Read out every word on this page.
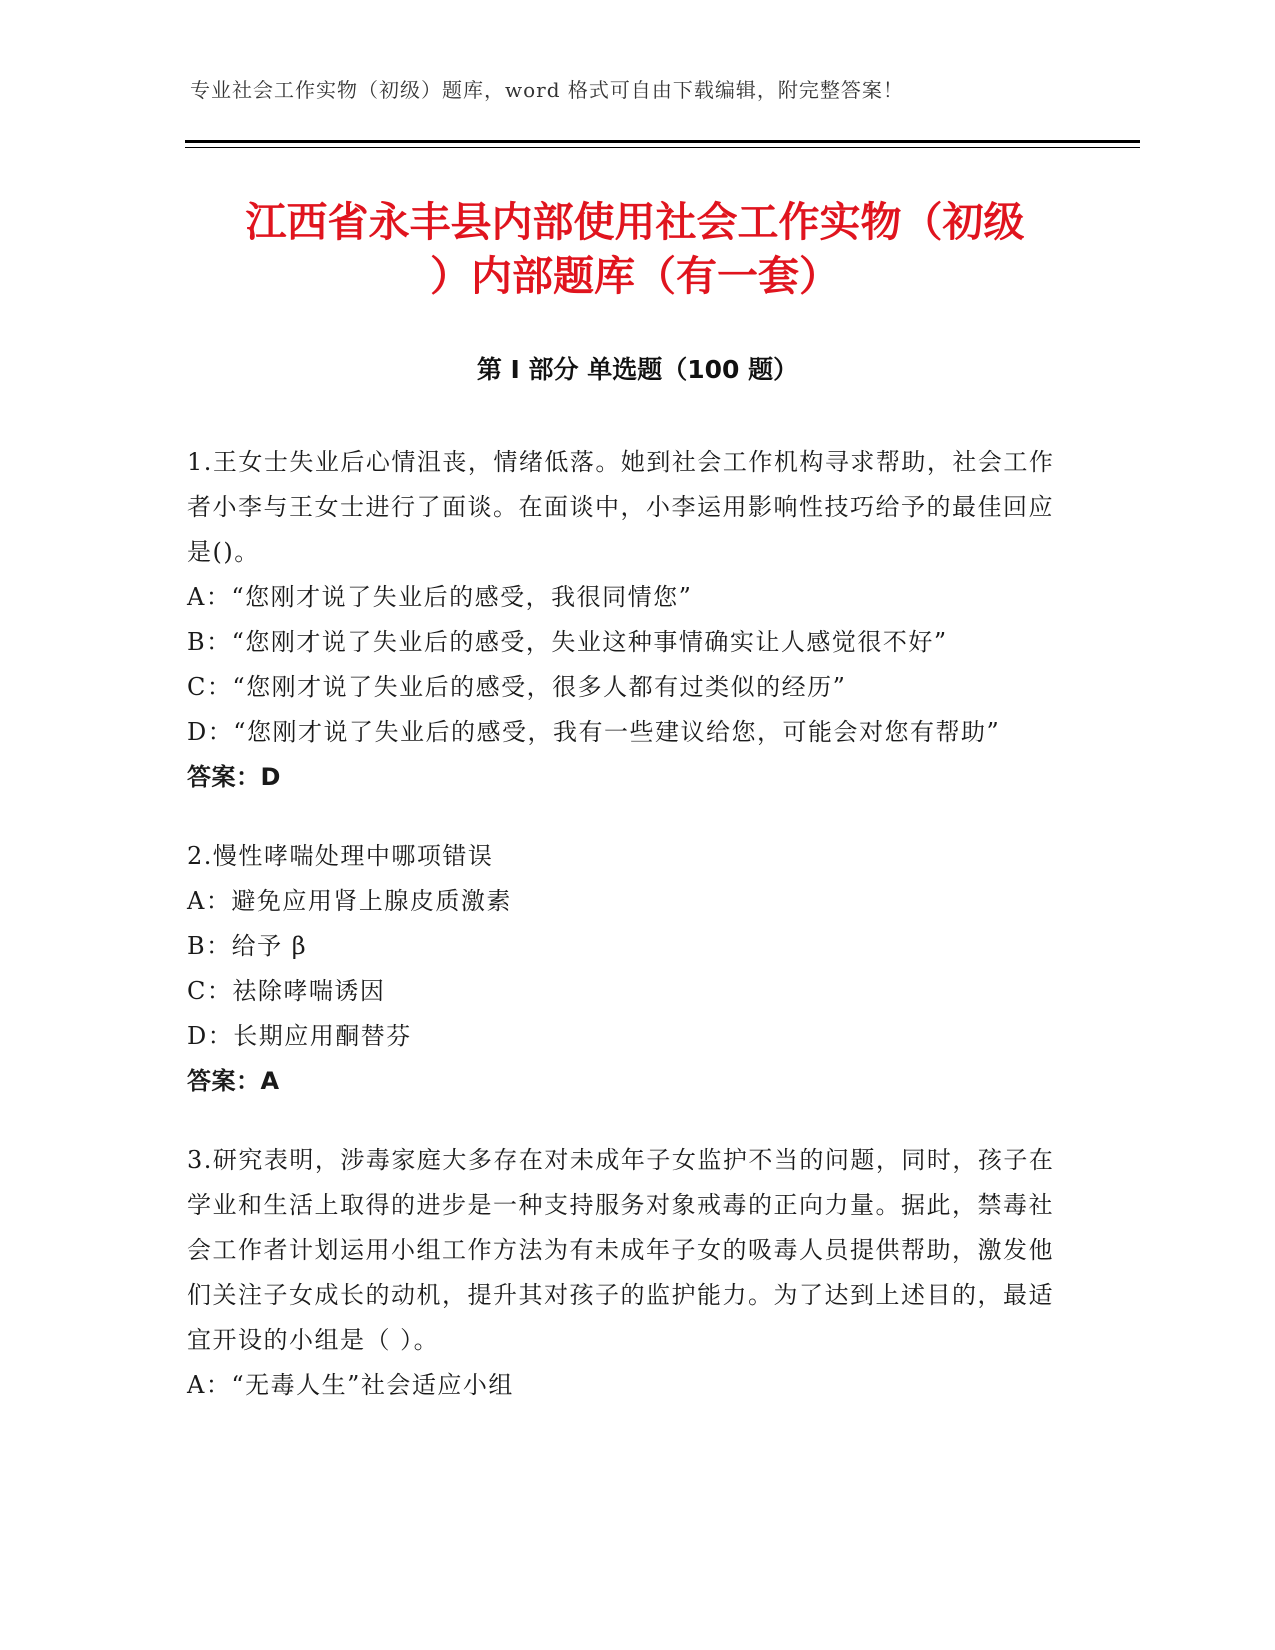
专业社会工作实物（初级）题库，word 格式可自由下载编辑，附完整答案！
江西省永丰县内部使用社会工作实物（初级
）内部题库（有一套）
第 I 部分 单选题（100 题）
1.王女士失业后心情沮丧，情绪低落。她到社会工作机构寻求帮助，社会工作者小李与王女士进行了面谈。在面谈中，小李运用影响性技巧给予的最佳回应是()。
A：“您刚才说了失业后的感受，我很同情您”
B：“您刚才说了失业后的感受，失业这种事情确实让人感觉很不好”
C：“您刚才说了失业后的感受，很多人都有过类似的经历”
D：“您刚才说了失业后的感受，我有一些建议给您，可能会对您有帮助”
答案：D
2.慢性哮喘处理中哪项错误
A：避免应用肾上腺皮质激素
B：给予 β
C：祛除哮喘诱因
D：长期应用酮替芬
答案：A
3.研究表明，涉毒家庭大多存在对未成年子女监护不当的问题，同时，孩子在学业和生活上取得的进步是一种支持服务对象戒毒的正向力量。据此，禁毒社会工作者计划运用小组工作方法为有未成年子女的吸毒人员提供帮助，激发他们关注子女成长的动机，提升其对孩子的监护能力。为了达到上述目的，最适宜开设的小组是（ ）。
A：“无毒人生”社会适应小组
